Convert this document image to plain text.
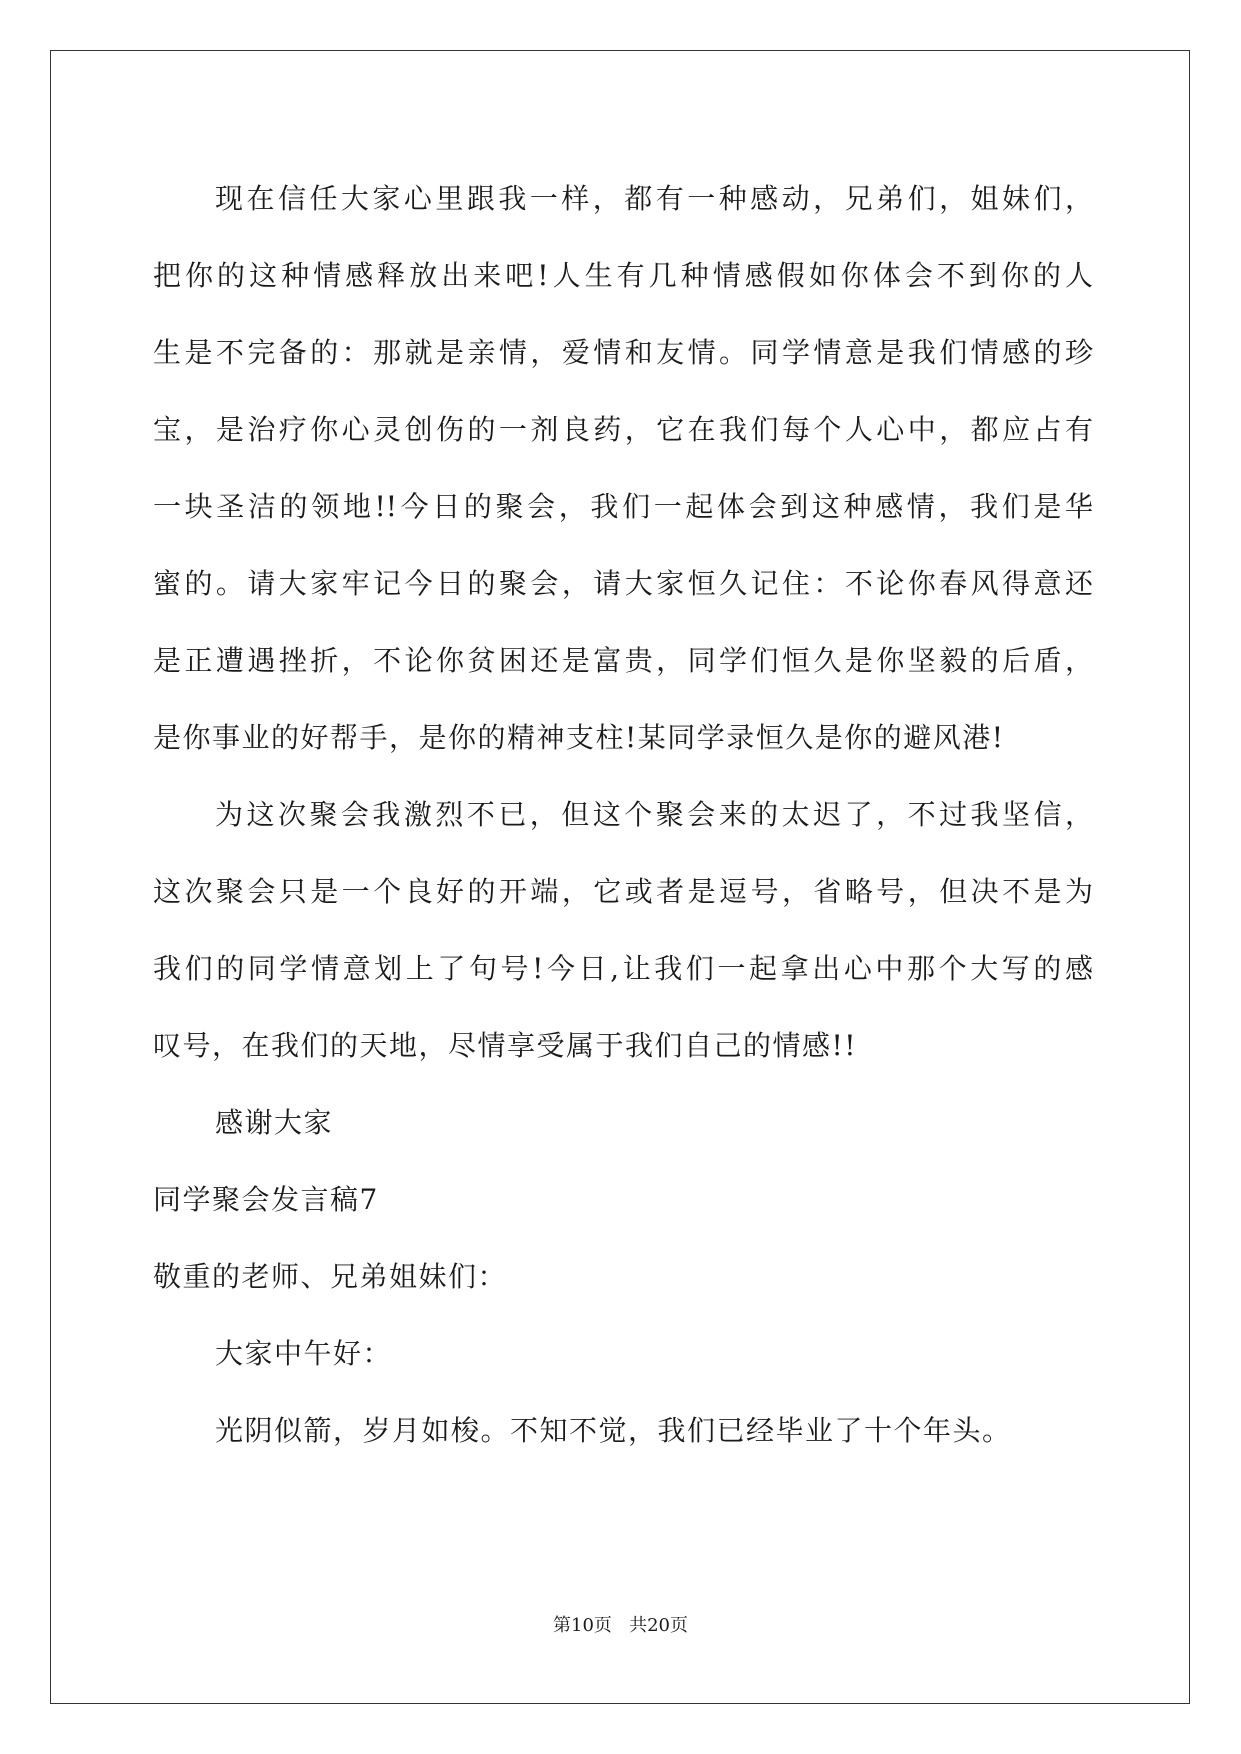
现在信任大家心里跟我一样，都有一种感动，兄弟们，姐妹们，
把你的这种情感释放出来吧!人生有几种情感假如你体会不到你的人
生是不完备的：那就是亲情，爱情和友情。同学情意是我们情感的珍
宝，是治疗你心灵创伤的一剂良药，它在我们每个人心中，都应占有
一块圣洁的领地!!今日的聚会，我们一起体会到这种感情，我们是华
蜜的。请大家牢记今日的聚会，请大家恒久记住：不论你春风得意还
是正遭遇挫折，不论你贫困还是富贵，同学们恒久是你坚毅的后盾，
是你事业的好帮手，是你的精神支柱!某同学录恒久是你的避风港!
为这次聚会我激烈不已，但这个聚会来的太迟了，不过我坚信，
这次聚会只是一个良好的开端，它或者是逗号，省略号，但决不是为
我们的同学情意划上了句号!今日,让我们一起拿出心中那个大写的感
叹号，在我们的天地，尽情享受属于我们自己的情感!!
感谢大家
同学聚会发言稿7
敬重的老师、兄弟姐妹们：
大家中午好：
光阴似箭，岁月如梭。不知不觉，我们已经毕业了十个年头。
第10页   共20页
